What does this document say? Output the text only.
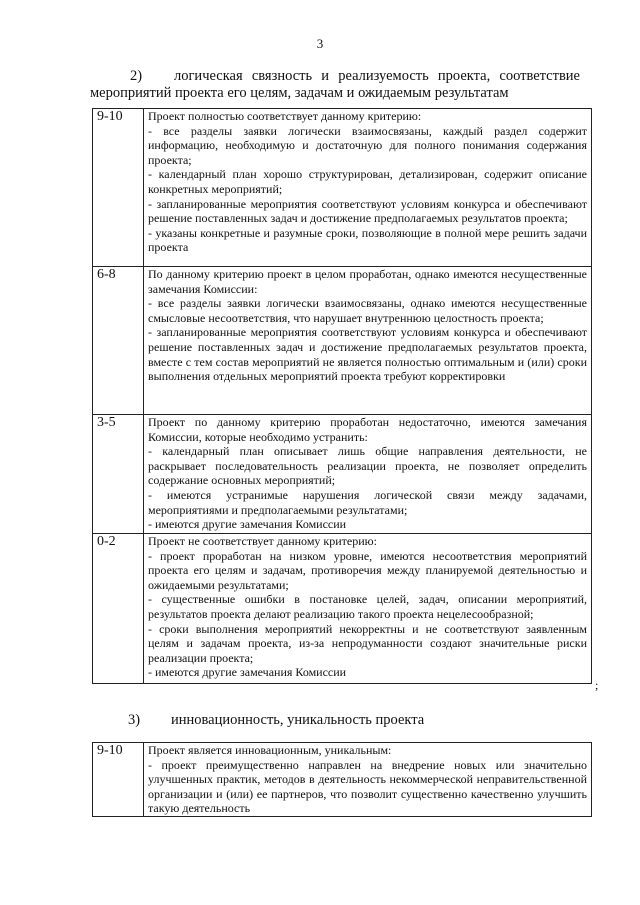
3
2) логическая связность и реализуемость проекта, соответствие
мероприятий проекта его целям, задачам и ожидаемым результатам
9-10	Проект полностью соответствует данному критерию:

- все разделы заявки логически взаимосвязаны, каждый раздел содержит информацию, необходимую и достаточную для полного понимания содержания проекта;

- календарный план хорошо структурирован, детализирован, содержит описание конкретных мероприятий;

- запланированные мероприятия соответствуют условиям конкурса и обеспечивают решение поставленных задач и достижение предполагаемых результатов проекта;

- указаны конкретные и разумные сроки, позволяющие в полной мере решить задачи проекта

6-8	По данному критерию проект в целом проработан, однако имеются несущественные замечания Комиссии:

- все разделы заявки логически взаимосвязаны, однако имеются несущественные смысловые несоответствия, что нарушает внутреннюю целостность проекта;

- запланированные мероприятия соответствуют условиям конкурса и обеспечивают решение поставленных задач и достижение предполагаемых результатов проекта, вместе с тем состав мероприятий не является полностью оптимальным и (или) сроки выполнения отдельных мероприятий проекта требуют корректировки

3-5	Проект по данному критерию проработан недостаточно, имеются замечания Комиссии, которые необходимо устранить:

- календарный план описывает лишь общие направления деятельности, не раскрывает последовательность реализации проекта, не позволяет определить содержание основных мероприятий;

- имеются устранимые нарушения логической связи между задачами, мероприятиями и предполагаемыми результатами;

- имеются другие замечания Комиссии

0-2	Проект не соответствует данному критерию:

- проект проработан на низком уровне, имеются несоответствия мероприятий проекта его целям и задачам, противоречия между планируемой деятельностью и ожидаемыми результатами;

- существенные ошибки в постановке целей, задач, описании мероприятий, результатов проекта делают реализацию такого проекта нецелесообразной;

- сроки выполнения мероприятий некорректны и не соответствуют заявленным целям и задачам проекта, из-за непродуманности создают значительные риски реализации проекта;

- имеются другие замечания Комиссии

;
3) инновационность, уникальность проекта
9-10	Проект является инновационным, уникальным:

- проект преимущественно направлен на внедрение новых или значительно улучшенных практик, методов в деятельность некоммерческой неправительственной организации и (или) ее партнеров, что позволит существенно качественно улучшить такую деятельность
